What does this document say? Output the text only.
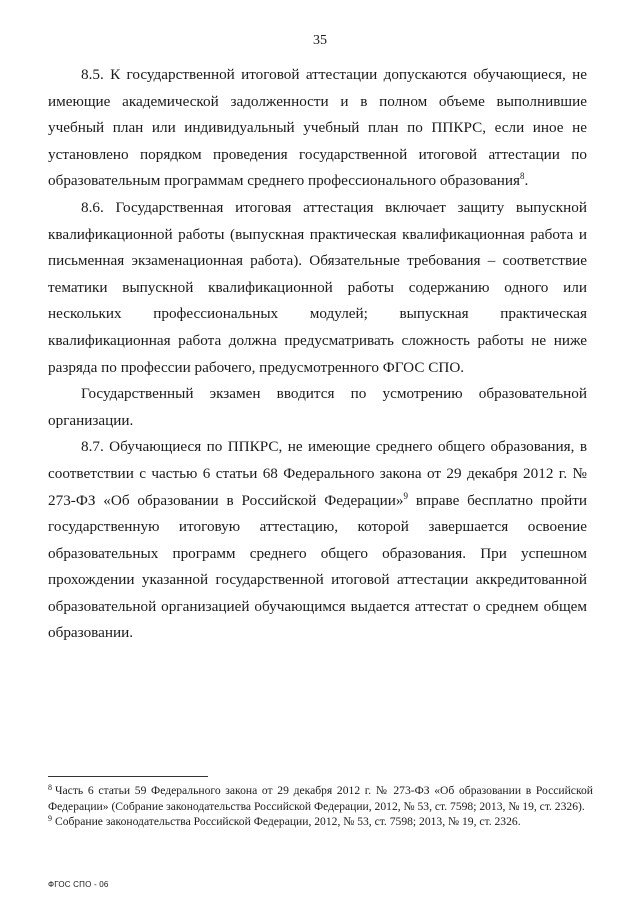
35

8.5. К государственной итоговой аттестации допускаются обучающиеся, не имеющие академической задолженности и в полном объеме выполнившие учебный план или индивидуальный учебный план по ППКРС, если иное не установлено порядком проведения государственной итоговой аттестации по образовательным программам среднего профессионального образования$^8$.

8.6. Государственная итоговая аттестация включает защиту выпускной квалификационной работы (выпускная практическая квалификационная работа и письменная экзаменационная работа). Обязательные требования – соответствие тематики выпускной квалификационной работы содержанию одного или нескольких профессиональных модулей; выпускная практическая квалификационная работа должна предусматривать сложность работы не ниже разряда по профессии рабочего, предусмотренного ФГОС СПО.

Государственный экзамен вводится по усмотрению образовательной организации.

8.7. Обучающиеся по ППКРС, не имеющие среднего общего образования, в соответствии с частью 6 статьи 68 Федерального закона от 29 декабря 2012 г. № 273-ФЗ «Об образовании в Российской Федерации»$^9$ вправе бесплатно пройти государственную итоговую аттестацию, которой завершается освоение образовательных программ среднего общего образования. При успешном прохождении указанной государственной итоговой аттестации аккредитованной образовательной организацией обучающимся выдается аттестат о среднем общем образовании.

$^8$ Часть 6 статьи 59 Федерального закона от 29 декабря 2012 г. № 273-ФЗ «Об образовании в Российской Федерации» (Собрание законодательства Российской Федерации, 2012, № 53, ст. 7598; 2013, № 19, ст. 2326).

$^9$ Собрание законодательства Российской Федерации, 2012, № 53, ст. 7598; 2013, № 19, ст. 2326.

ФГОС СПО - 06
